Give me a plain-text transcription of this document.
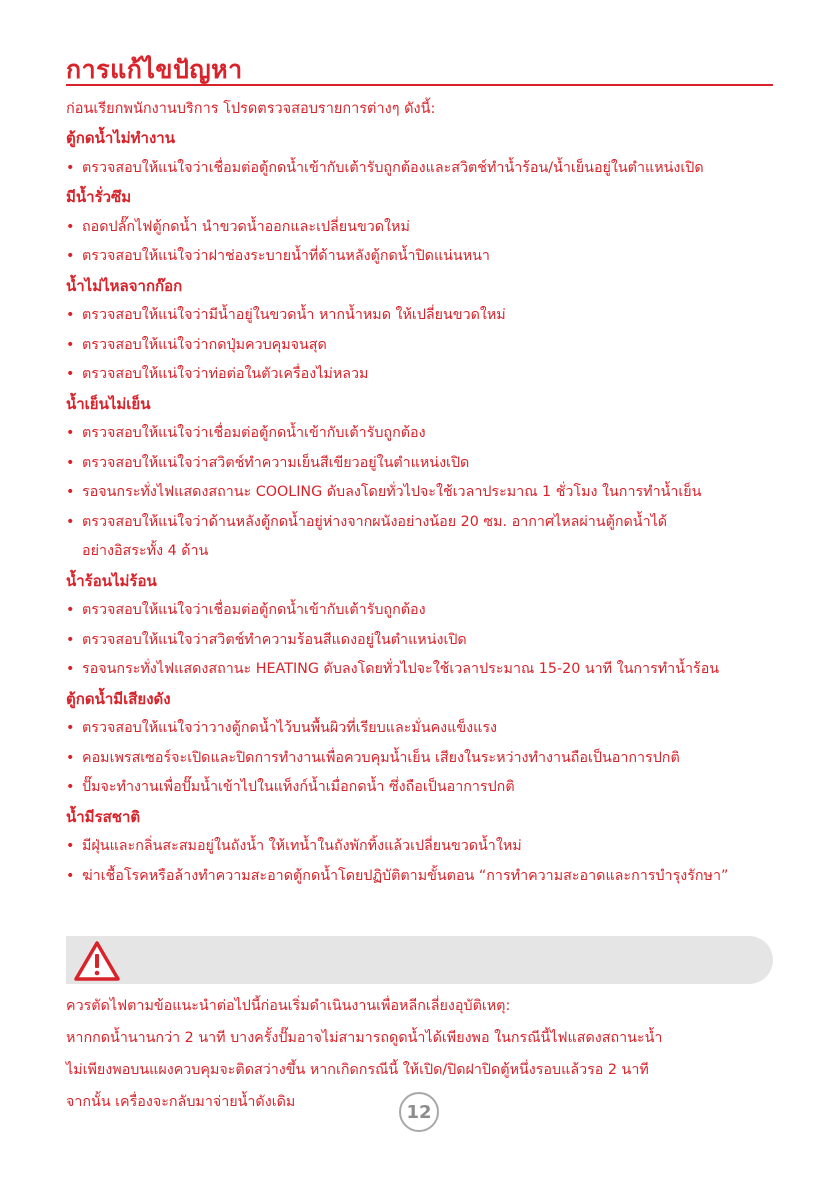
การแก้ไขปัญหา
ก่อนเรียกพนักงานบริการ โปรดตรวจสอบรายการต่างๆ ดังนี้:
ตู้กดน้ำไม่ทำงาน
• ตรวจสอบให้แน่ใจว่าเชื่อมต่อตู้กดน้ำเข้ากับเต้ารับถูกต้องและสวิตช์ทำน้ำร้อน/น้ำเย็นอยู่ในตำแหน่งเปิด
มีน้ำรั่วซึม
• ถอดปลั๊กไฟตู้กดน้ำ นำขวดน้ำออกและเปลี่ยนขวดใหม่
• ตรวจสอบให้แน่ใจว่าฝาช่องระบายน้ำที่ด้านหลังตู้กดน้ำปิดแน่นหนา
น้ำไม่ไหลจากก๊อก
• ตรวจสอบให้แน่ใจว่ามีน้ำอยู่ในขวดน้ำ หากน้ำหมด ให้เปลี่ยนขวดใหม่
• ตรวจสอบให้แน่ใจว่ากดปุ่มควบคุมจนสุด
• ตรวจสอบให้แน่ใจว่าท่อต่อในตัวเครื่องไม่หลวม
น้ำเย็นไม่เย็น
• ตรวจสอบให้แน่ใจว่าเชื่อมต่อตู้กดน้ำเข้ากับเต้ารับถูกต้อง
• ตรวจสอบให้แน่ใจว่าสวิตช์ทำความเย็นสีเขียวอยู่ในตำแหน่งเปิด
• รอจนกระทั่งไฟแสดงสถานะ COOLING ดับลงโดยทั่วไปจะใช้เวลาประมาณ 1 ชั่วโมง ในการทำน้ำเย็น
• ตรวจสอบให้แน่ใจว่าด้านหลังตู้กดน้ำอยู่ห่างจากผนังอย่างน้อย 20 ซม. อากาศไหลผ่านตู้กดน้ำได้
อย่างอิสระทั้ง 4 ด้าน
น้ำร้อนไม่ร้อน
• ตรวจสอบให้แน่ใจว่าเชื่อมต่อตู้กดน้ำเข้ากับเต้ารับถูกต้อง
• ตรวจสอบให้แน่ใจว่าสวิตช์ทำความร้อนสีแดงอยู่ในตำแหน่งเปิด
• รอจนกระทั่งไฟแสดงสถานะ HEATING ดับลงโดยทั่วไปจะใช้เวลาประมาณ 15-20 นาที ในการทำน้ำร้อน
ตู้กดน้ำมีเสียงดัง
• ตรวจสอบให้แน่ใจว่าวางตู้กดน้ำไว้บนพื้นผิวที่เรียบและมั่นคงแข็งแรง
• คอมเพรสเซอร์จะเปิดและปิดการทำงานเพื่อควบคุมน้ำเย็น เสียงในระหว่างทำงานถือเป็นอาการปกติ
• ปั๊มจะทำงานเพื่อปั๊มน้ำเข้าไปในแท็งก์น้ำเมื่อกดน้ำ ซึ่งถือเป็นอาการปกติ
น้ำมีรสชาติ
• มีฝุ่นและกลิ่นสะสมอยู่ในถังน้ำ ให้เทน้ำในถังพักทิ้งแล้วเปลี่ยนขวดน้ำใหม่
• ฆ่าเชื้อโรคหรือล้างทำความสะอาดตู้กดน้ำโดยปฏิบัติตามขั้นตอน “การทำความสะอาดและการบำรุงรักษา”
ควรตัดไฟตามข้อแนะนำต่อไปนี้ก่อนเริ่มดำเนินงานเพื่อหลีกเลี่ยงอุบัติเหตุ:
หากกดน้ำนานกว่า 2 นาที บางครั้งปั๊มอาจไม่สามารถดูดน้ำได้เพียงพอ ในกรณีนี้ไฟแสดงสถานะน้ำ
ไม่เพียงพอบนแผงควบคุมจะติดสว่างขึ้น หากเกิดกรณีนี้ ให้เปิด/ปิดฝาปิดตู้หนึ่งรอบแล้วรอ 2 นาที
จากนั้น เครื่องจะกลับมาจ่ายน้ำดังเดิม	12
